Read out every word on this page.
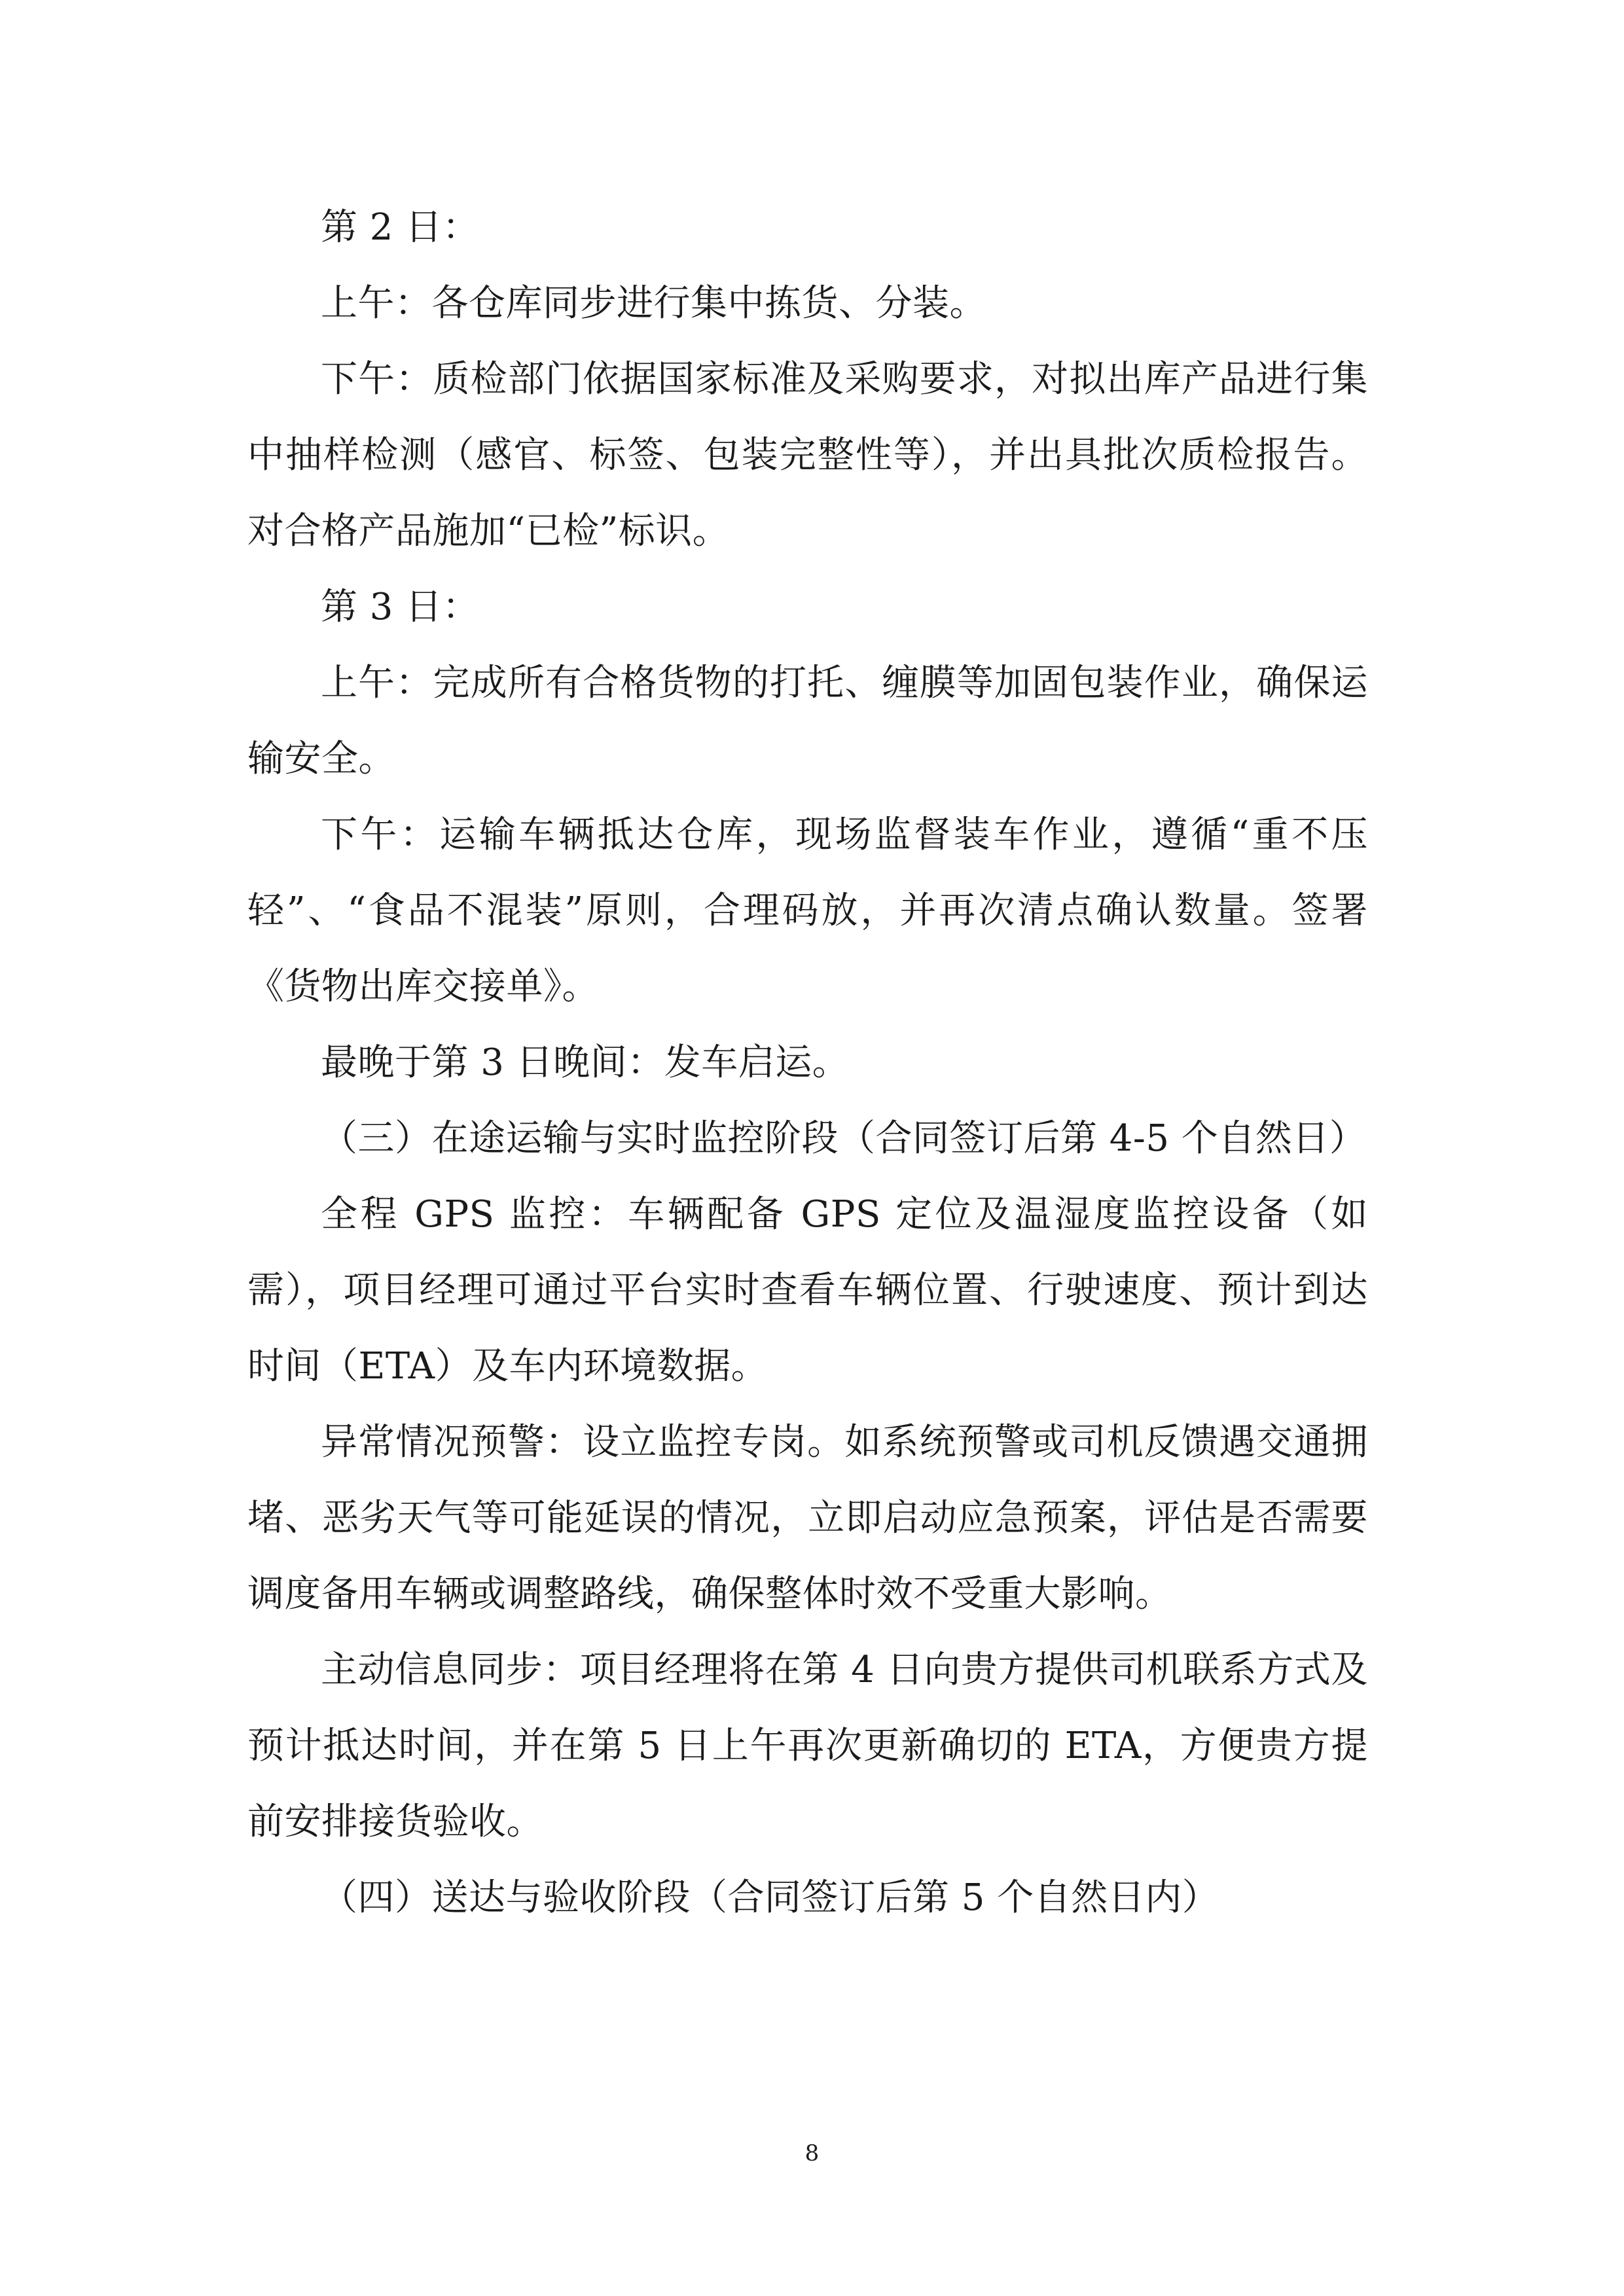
第 2 日：

上午：各仓库同步进行集中拣货、分装。

下午：质检部门依据国家标准及采购要求，对拟出库产品进行集中抽样检测（感官、标签、包装完整性等），并出具批次质检报告。对合格产品施加“已检”标识。

第 3 日：

上午：完成所有合格货物的打托、缠膜等加固包装作业，确保运输安全。

下午：运输车辆抵达仓库，现场监督装车作业，遵循“重不压轻”、“食品不混装”原则，合理码放，并再次清点确认数量。签署《货物出库交接单》。

最晚于第 3 日晚间：发车启运。

（三）在途运输与实时监控阶段（合同签订后第 4-5 个自然日）

全程 GPS 监控：车辆配备 GPS 定位及温湿度监控设备（如需），项目经理可通过平台实时查看车辆位置、行驶速度、预计到达时间（ETA）及车内环境数据。

异常情况预警：设立监控专岗。如系统预警或司机反馈遇交通拥堵、恶劣天气等可能延误的情况，立即启动应急预案，评估是否需要调度备用车辆或调整路线，确保整体时效不受重大影响。

主动信息同步：项目经理将在第 4 日向贵方提供司机联系方式及预计抵达时间，并在第 5 日上午再次更新确切的 ETA，方便贵方提前安排接货验收。

（四）送达与验收阶段（合同签订后第 5 个自然日内）

8
